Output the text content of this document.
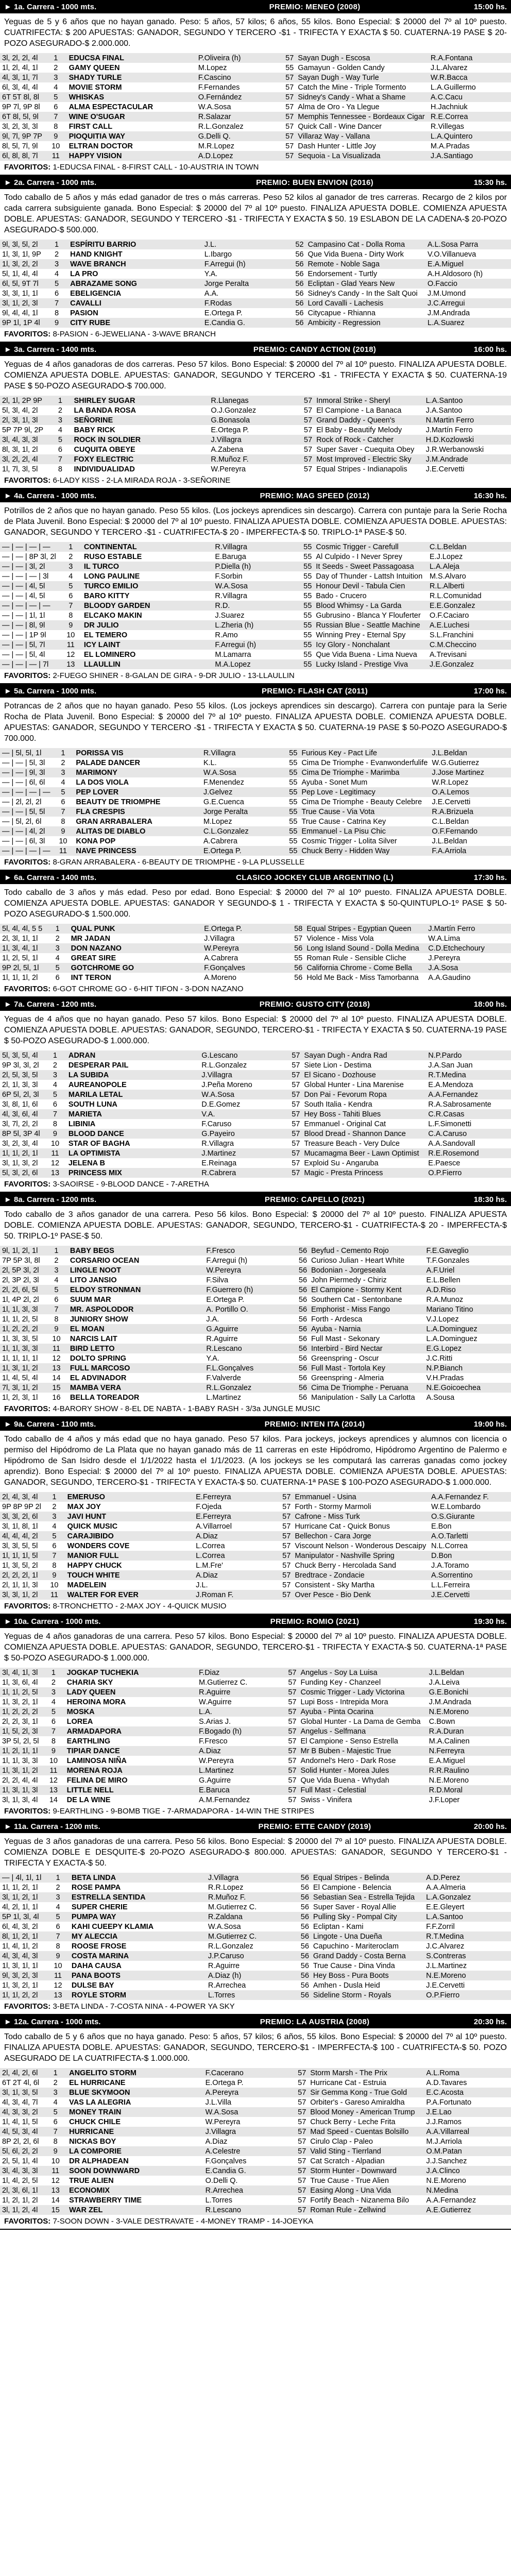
► 1a. Carrera - 1000 mts.	PREMIO: MENEO (2008)	15:00 hs.
Yeguas de 5 y 6 años que no hayan ganado. Peso: 5 años, 57 kilos; 6 años, 55 kilos. Bono Especial: $ 20000 del 7º al 10º puesto. CUATRIFECTA: $ 200 APUESTAS: GANADOR, SEGUNDO Y TERCERO -$1 - TRIFECTA Y EXACTA $ 50. CUATERNA-19 PASE $ 20-POZO ASEGURADO-$ 2.000.000.
3l, 2l, 2l, 4l	1	EDUCSA FINAL	P.Oliveira (h)	57	Sayan Dugh - Escosa	R.A.Fontana
1l, 2l, 4l, 1l	2	GAMY QUEEN	M.Lopez	55	Gamayun - Golden Candy	J.L.Alvarez
4l, 3l, 1l, 7l	3	SHADY TURLE	F.Cascino	57	Sayan Dugh - Way Turle	W.R.Bacca
6l, 3l, 4l, 4l	4	MOVIE STORM	F.Fernandes	57	Catch the Mine - Triple Tormento	L.A.Guillermo
6T 5T 8l, 8l	5	WHISKAS	O.Fernández	57	Sidney's Candy - What a Shame	A.C.Cacu
9P 7l, 9P 8l	6	ALMA ESPECTACULAR	W.A.Sosa	57	Alma de Oro - Ya Llegue	H.Jachniuk
6T 8l, 5l, 9l	7	WINE O'SUGAR	R.Salazar	57	Memphis Tennessee - Bordeaux Cigar	R.E.Correa
3l, 2l, 3l, 3l	8	FIRST CALL	R.L.Gonzalez	57	Quick Call - Wine Dancer	R.Villegas
9l, 7l, 9P 7P	9	PIOQUITIA WAY	G.Delli Q.	57	Villaraz Way - Vallana	L.A.Quintero
8l, 5l, 7l, 9l	10	ELTRAN DOCTOR	M.R.Lopez	57	Dash Hunter - Little Joy	M.A.Pradas
6l, 8l, 8l, 7l	11	HAPPY VISION	A.D.Lopez	57	Sequoia - La Visualizada	J.A.Santiago
FAVORITOS: 1-EDUCSA FINAL - 8-FIRST CALL - 10-AUSTRIA IN TOWN
► 2a. Carrera - 1000 mts.	PREMIO: BUEN ENVION (2016)	15:30 hs.
Todo caballo de 5 años y más edad ganador de tres o más carreras. Peso 52 kilos al ganador de tres carreras. Recargo de 2 kilos por cada carrera subsiguiente ganada. Bono Especial: $ 20000 del 7º al 10º puesto. FINALIZA APUESTA DOBLE. COMIENZA APUESTA DOBLE. APUESTAS: GANADOR, SEGUNDO Y TERCERO -$1 - TRIFECTA Y EXACTA $ 50. 19 ESLABON DE LA CADENA-$ 20-POZO ASEGURADO-$ 500.000.
9l, 3l, 5l, 2l	1	ESPÍRITU BARRIO	J.L.	52	Campasino Cat - Dolla Roma	A.L.Sosa Parra
1l, 3l, 1l, 9P	2	HAND KNIGHT	L.Ibargo	56	Que Vida Buena - Dirty Work	V.O.Villanueva
1l, 3l, 2l, 2l	3	WAVE BRANCH	F.Arregui (h)	56	Remote - Noble Saga	E.A.Miguel
5l, 1l, 4l, 4l	4	LA PRO	Y.A.	56	Endorsement - Turtly	A.H.Aldosoro (h)
6l, 5l, 9T 7l	5	ABRAZAME SONG	Jorge Peralta	56	Ecliptan - Glad Years New	O.Faccio
3l, 3l, 1l, 1l	6	EBELIGENCIA	A.A.	56	Sidney's Candy - In the Salt Quoi	J.M.Umond
3l, 1l, 2l, 3l	7	CAVALLI	F.Rodas	56	Lord Cavalli - Lachesis	J.C.Arregui
9l, 4l, 4l, 1l	8	PASION	E.Ortega P.	56	Citycapue - Rhianna	J.M.Andrada
9P 1l, 1P 4l	9	CITY RUBE	E.Candia G.	56	Ambicity - Regression	L.A.Suarez
FAVORITOS: 8-PASION - 6-JEWELIANA - 3-WAVE BRANCH
► 3a. Carrera - 1400 mts.	PREMIO: CANDY ACTION (2018)	16:00 hs.
Yeguas de 4 años ganadoras de dos carreras. Peso 57 kilos. Bono Especial: $ 20000 del 7º al 10º puesto. FINALIZA APUESTA DOBLE. COMIENZA APUESTA DOBLE. APUESTAS: GANADOR, SEGUNDO Y TERCERO -$1 - TRIFECTA Y EXACTA $ 50. CUATERNA-19 PASE $ 50-POZO ASEGURADO-$ 700.000.
2l, 1l, 2P 9P	1	SHIRLEY SUGAR	R.Llanegas	57	Inmoral Strike - Sheryl	L.A.Santoo
5l, 3l, 4l, 2l	2	LA BANDA ROSA	O.J.Gonzalez	57	El Campione - La Banaca	J.A.Santoo
2l, 3l, 1l, 3l	3	SEÑORINE	G.Bonasola	57	Grand Daddy - Queen's	N.Martin Ferro
5P 7P 9l, 2P	4	BABY RICK	E.Ortega P.	57	El Baby - Beautify Melody	J.Martín Ferro
3l, 4l, 3l, 3l	5	ROCK IN SOLDIER	J.Villagra	57	Rock of Rock - Catcher	H.D.Kozlowski
8l, 3l, 1l, 2l	6	CUQUITA OBEYE	A.Zabena	57	Super Saver - Cuequita Obey	J.R.Werbanowski
3l, 2l, 2l, 4l	7	FOXY ELECTRIC	R.Muñoz F.	57	Most Improved - Electric Sky	J.M.Andrade
1l, 7l, 3l, 5l	8	INDIVIDUALIDAD	W.Pereyra	57	Equal Stripes - Indianapolis	J.E.Cervetti
FAVORITOS: 6-LADY KISS - 2-LA MIRADA ROJA - 3-SEÑORINE
► 4a. Carrera - 1000 mts.	PREMIO: MAG SPEED (2012)	16:30 hs.
Potrillos de 2 años que no hayan ganado. Peso 55 kilos. (Los jockeys aprendices sin descargo). Carrera con puntaje para la Serie Rocha de Plata Juvenil. Bono Especial: $ 20000 del 7º al 10º puesto. FINALIZA APUESTA DOBLE. COMIENZA APUESTA DOBLE. APUESTAS: GANADOR, SEGUNDO Y TERCERO -$1 - CUATRIFECTA-$ 20 - IMPERFECTA-$ 50. TRIPLO-1ª PASE-$ 50.
— | — | — | —	1	CONTINENTAL	R.Villagra	55	Cosmic Trigger - Carefull	C.L.Beldan
— | — | 8P 3l, 2l	2	RUSO ESTABLE	E.Baruga	55	Al Culpido - I Never Sprey	E.J.Lopez
— | — | 3l, 2l	3	IL TURCO	P.Diella (h)	55	It Seeds - Sweet Passagoasa	L.A.Aleja
— | — | — | 3l	4	LONG PAULINE	F.Sorbin	55	Day of Thunder - Lattsh Intuition	M.S.Alvaro
— | — | 4l, 5l	5	TURCO EMILIO	W.A.Sosa	55	Honour Devil - Tabula Cien	R.L.Alberti
— | — | 4l, 5l	6	BARO KITTY	R.Villagra	55	Bado - Crucero	R.L.Comunidad
— | — | — | —	7	BLOODY GARDEN	R.D.	55	Blood Whimsy - La Garda	E.E.Gonzalez
— | — | 1l, 1l	8	ELCAKO MAKIN	J.Suarez	55	Gubrusino - Blanca Y Flouferter	O.F.Caciaro
— | — | 8l, 9l	9	DR JULIO	L.Zheria (h)	55	Russian Blue - Seattle Machine	A.E.Luchesi
— | — | 1P 9l	10	EL TEMERO	R.Amo	55	Winning Prey - Eternal Spy	S.L.Franchini
— | — | 5l, 7l	11	ICY LAINT	F.Arregui (h)	55	Icy Glory - Nonchalant	C.M.Checcino
— | — | 5l, 4l	12	EL LOMINERO	M.Lamarra	55	Que Vida Buena - Lima Nueva	A.Trevisani
— | — | — | 7l	13	LLAULLIN	M.A.Lopez	55	Lucky Island - Prestige Viva	J.E.Gonzalez
FAVORITOS: 2-FUEGO SHINER - 8-GALAN DE GIRA - 9-DR JULIO - 13-LLAULLIN
► 5a. Carrera - 1000 mts.	PREMIO: FLASH CAT (2011)	17:00 hs.
Potrancas de 2 años que no hayan ganado. Peso 55 kilos. (Los jockeys aprendices sin descargo). Carrera con puntaje para la Serie Rocha de Plata Juvenil. Bono Especial: $ 20000 del 7º al 10º puesto. FINALIZA APUESTA DOBLE. COMIENZA APUESTA DOBLE. APUESTAS: GANADOR, SEGUNDO Y TERCERO -$1 - TRIFECTA Y EXACTA $ 50. CUATERNA-19 PASE $ 50-POZO ASEGURADO-$ 700.000.
— | 5l, 5l, 1l	1	PORISSA VIS	R.Villagra	55	Furious Key - Pact Life	J.L.Beldan
— | — | 5l, 3l	2	PALADE DANCER	K.L.	55	Cima De Triomphe - Evanwonderfulife	W.G.Gutierrez
— | — | 9l, 3l	3	MARIMONY	W.A.Sosa	55	Cima De Triomphe - Marimba	J.Jose Martinez
— | — | 6l, 6l	4	LA DOS VIOLA	F.Menendez	55	Ayuba - Sonet Mum	W.R.Lopez
— | — | — | —	5	PEP LOVER	J.Gelvez	55	Pep Love - Legitimacy	O.A.Lemos
— | 2l, 2l, 2l	6	BEAUTY DE TRIOMPHE	G.E.Cuenca	55	Cima De Triomphe - Beauty Celebre	J.E.Cervetti
— | — | 5l, 5l	7	FLA CRESPIS	Jorge Peralta	55	True Cause - Via Vota	R.A.Brizuela
— | 5l, 2l, 6l	8	GRAN ARRABALERA	M.Lopez	55	True Cause - Catrina Key	C.L.Beldan
— | — | 4l, 2l	9	ALITAS DE DIABLO	C.L.Gonzalez	55	Emmanuel - La Pisu Chic	O.F.Fernando
— | — | 6l, 3l	10	KONA POP	A.Cabrera	55	Cosmic Trigger - Lolita Silver	J.L.Beldan
— | — | — | —	11	NAVE PRINCESS	E.Ortega P.	55	Chuck Berry - Hidden Way	F.A.Arriola
FAVORITOS: 8-GRAN ARRABALERA - 6-BEAUTY DE TRIOMPHE - 9-LA PLUSSELLE
► 6a. Carrera - 1400 mts.	CLASICO JOCKEY CLUB ARGENTINO (L)	17:30 hs.
Todo caballo de 3 años y más edad. Peso por edad. Bono Especial: $ 20000 del 7º al 10º puesto. FINALIZA APUESTA DOBLE. COMIENZA APUESTA DOBLE. APUESTAS: GANADOR Y SEGUNDO-$ 1 - TRIFECTA Y EXACTA $ 50-QUINTUPLO-1º PASE $ 50-POZO ASEGURADO-$ 1.500.000.
5l, 4l, 4l, 5 5	1	QUAL PUNK	E.Ortega P.	58	Equal Stripes - Egyptian Queen	J.Martín Ferro
2l, 3l, 1l, 1l	2	MR JADAN	J.Villagra	57	Violence - Miss Vola	W.A.Lima
1l, 3l, 4l, 1l	3	DON NAZANO	W.Pereyra	56	Long Island Sound - Dolla Medina	C.D.Etchechoury
1l, 2l, 5l, 1l	4	GREAT SIRE	A.Cabrera	55	Roman Rule - Sensible Cliche	J.Pereyra
9P 2l, 5l, 1l	5	GOTCHROME GO	F.Gonçalves	56	California Chrome - Come Bella	J.A.Sosa
1l, 1l, 1l, 2l	6	INT TERON	A.Moreno	56	Hold Me Back - Miss Tamorbanna	A.A.Gaudino
FAVORITOS: 6-GOT CHROME GO - 6-HIT TIFON - 3-DON NAZANO
► 7a. Carrera - 1200 mts.	PREMIO: GUSTO CITY (2018)	18:00 hs.
Yeguas de 4 años que no hayan ganado. Peso 57 kilos. Bono Especial: $ 20000 del 7º al 10º puesto. FINALIZA APUESTA DOBLE. COMIENZA APUESTA DOBLE. APUESTAS: GANADOR, SEGUNDO, TERCERO-$1 - TRIFECTA Y EXACTA $ 50. CUATERNA-19 PASE $ 50-POZO ASEGURADO-$ 1.000.000.
5l, 3l, 5l, 4l	1	ADRAN	G.Lescano	57	Sayan Dugh - Andra Rad	N.P.Pardo
9P 3l, 3l, 2l	2	DESPERAR PAIL	R.L.Gonzalez	57	Siete Lion - Destima	J.A.San Juan
2l, 5l, 3l, 5l	3	LA SUBIDA	J.Villagra	57	El Sicano - Dozhouse	R.T.Medina
2l, 1l, 3l, 3l	4	AUREANOPOLE	J.Peña Moreno	57	Global Hunter - Lina Marenise	E.A.Mendoza
6P 5l, 2l, 3l	5	MARILA LETAL	W.A.Sosa	57	Don Pai - Fevorum Ropa	A.A.Fernandez
3l, 8l, 1l, 6l	6	SOUTH LUNA	D.E.Gomez	57	South Italia - Kendra	R.A.Sabrosamente
4l, 3l, 6l, 4l	7	MARIETA	V.A.	57	Hey Boss - Tahiti Blues	C.R.Casas
3l, 7l, 2l, 2l	8	LIBINIA	F.Caruso	57	Emmanuel - Original Cat	L.F.Simonetti
8P 5l, 3P 4l	9	BLOOD DANCE	G.Payeiro	57	Blood Dread - Shannon Dance	C.A.Caruso
3l, 2l, 3l, 4l	10	STAR OF BAGHA	R.Villagra	57	Treasure Beach - Very Dulce	A.A.Sandovall
1l, 1l, 2l, 1l	11	LA OPTIMISTA	J.Martinez	57	Mucamagma Beer - Lawn Optimist	R.E.Rosemond
3l, 1l, 3l, 2l	12	JELENA B	E.Reinaga	57	Exploid Su - Angaruba	E.Paesce
5l, 3l, 2l, 6l	13	PRINCESS MIX	R.Cabrera	57	Magic - Presta Princess	O.P.Fierro
FAVORITOS: 3-SAOIRSE - 9-BLOOD DANCE - 7-ARETHA
► 8a. Carrera - 1200 mts.	PREMIO: CAPELLO (2021)	18:30 hs.
Todo caballo de 3 años ganador de una carrera. Peso 56 kilos. Bono Especial: $ 20000 del 7º al 10º puesto. FINALIZA APUESTA DOBLE. COMIENZA APUESTA DOBLE. APUESTAS: GANADOR, SEGUNDO, TERCERO-$1 - CUATRIFECTA-$ 20 - IMPERFECTA-$ 50. TRIPLO-1º PASE-$ 50.
9l, 1l, 2l, 1l	1	BABY BEGS	F.Fresco	56	Beyfud - Cemento Rojo	F.E.Gaveglio
7P 5P 3l, 8l	2	CORSARIO OCEAN	F.Arregui (h)	56	Curioso Julian - Heart White	T.F.Gonzales
2l, 5P 3l, 2l	3	LINGLE NOOT	W.Pereyra	56	Bodonian - Jorgeseala	A.F.Uriel
2l, 3P 2l, 3l	4	LITO JANSIO	F.Silva	56	John Piermedy - Chiriz	E.L.Bellen
2l, 2l, 6l, 5l	5	ELDOY STRONMAN	F.Guerrero (h)	56	El Campione - Stormy Kent	A.D.Riso
1l, 4P 2l, 2l	6	SUUM MAR	E.Ortega P.	56	Southern Cat - Sentonbane	R.A.Munoz
1l, 1l, 3l, 3l	7	MR. ASPOLODOR	A. Portillo O.	56	Emphorist - Miss Fango	Mariano Titino
1l, 1l, 2l, 5l	8	JUNIORY SHOW	J.A.	56	Forth - Ardesca	V.J.Lopez
1l, 2l, 2l, 2l	9	EL MOAN	G.Aguirre	56	Ayuba - Narnia	L.A.Dominguez
1l, 3l, 3l, 5l	10	NARCIS LAIT	R.Aguirre	56	Full Mast - Sekonary	L.A.Dominguez
1l, 1l, 3l, 3l	11	BIRD LETTO	R.Lescano	56	Interbird - Bird Nectar	E.G.Lopez
1l, 1l, 1l, 1l	12	DOLTO SPRING	Y.A.	56	Greenspring - Oscur	J.C.Ritti
1l, 3l, 1l, 2l	13	FULL MARCOSO	F.L.Gonçalves	56	Full Mast - Tortola Key	N.P.Bianch
1l, 4l, 5l, 4l	14	EL ADVINADOR	F.Valverde	56	Greenspring - Almeria	V.H.Pradas
7l, 3l, 1l, 2l	15	MAMBA VERA	R.L.Gonzalez	56	Cima De Triomphe - Peruana	N.E.Goicoechea
1l, 2l, 3l, 1l	16	BELLA TOREADOR	L.Martinez	56	Manipulation - Sally La Carlotta	A.Sousa
FAVORITOS: 4-BARORY SHOW - 8-EL DE NABTA - 1-BABY RASH - 3/3a JUNGLE MUSIC
► 9a. Carrera - 1100 mts.	PREMIO: INTEN ITA (2014)	19:00 hs.
Todo caballo de 4 años y más edad que no haya ganado. Peso 57 kilos. Para jockeys, jockeys aprendices y alumnos con licencia o permiso del Hipódromo de La Plata que no hayan ganado más de 11 carreras en este Hipódromo, Hipódromo Argentino de Palermo e Hipódromo de San Isidro desde el 1/1/2022 hasta el 1/1/2023. (A los jockeys se les computará las carreras ganadas como jockey aprendiz). Bono Especial: $ 20000 del 7º al 10º puesto. FINALIZA APUESTA DOBLE. COMIENZA APUESTA DOBLE. APUESTAS: GANADOR, SEGUNDO, TERCERO-$1 - TRIFECTA Y EXACTA-$ 50. CUATERNA-1ª PASE $ 100-POZO ASEGURADO-$ 1.000.000.
2l, 4l, 3l, 4l	1	EMERUSO	E.Ferreyra	57	Emmanuel - Usina	A.A.Fernandez F.
9P 8P 9P 2l	2	MAX JOY	F.Ojeda	57	Forth - Stormy Marmoli	W.E.Lombardo
3l, 3l, 2l, 6l	3	JAVI HUNT	E.Ferreyra	57	Cafrone - Miss Turk	O.S.Giurante
3l, 1l, 8l, 1l	4	QUICK MUSIC	A.Villarroel	57	Hurricane Cat - Quick Bonus	E.Bon
4l, 4l, 4l, 2l	5	CARAJIBIDO	A.Diaz	57	Bellechon - Cara Jorge	A.O.Tarletti
3l, 3l, 5l, 5l	6	WONDERS COVE	L.Correa	57	Viscount Nelson - Wonderous Descaipy	N.L.Correa
1l, 1l, 1l, 5l	7	MANIOR FULL	L.Correa	57	Manipulator - Nashville Spring	D.Bon
1l, 3l, 5l, 2l	8	HAPPY CHUCK	L.M.Fre'	57	Chuck Berry - Hercolada Sand	J.A.Toramo
2l, 2l, 2l, 1l	9	TOUCH WHITE	A.Diaz	57	Bredtrace - Zondacie	A.Sorrentino
2l, 1l, 1l, 3l	10	MADELEIN	J.L.	57	Consistent - Sky Martha	L.L.Ferreira
3l, 3l, 1l, 2l	11	WALTER FOR EVER	J.Roman F.	57	Over Pesce - Bio Denk	J.E.Cervetti
FAVORITOS: 8-TRONCHETTO - 2-MAX JOY - 4-QUICK MUSIO
► 10a. Carrera - 1000 mts.	PREMIO: ROMIO (2021)	19:30 hs.
Yeguas de 4 años ganadoras de una carrera. Peso 57 kilos. Bono Especial: $ 20000 del 7º al 10º puesto. FINALIZA APUESTA DOBLE. COMIENZA APUESTA DOBLE. APUESTAS: GANADOR, SEGUNDO, TERCERO-$1 - TRIFECTA Y EXACTA-$ 50. CUATERNA-1ª PASE $ 50-POZO ASEGURADO-$ 1.000.000.
3l, 4l, 1l, 3l	1	JOGKAP TUCHEKIA	F.Diaz	57	Angelus - Soy La Luisa	J.L.Beldan
1l, 3l, 6l, 4l	2	CHARIA SKY	M.Gutierrez C.	57	Funding Key - Chanzeel	J.A.Leiva
1l, 1l, 2l, 5l	3	LADY QUEEN	R.Aguirre	57	Cosmic Trigger - Lady Victorina	G.E.Bonichi
1l, 3l, 2l, 1l	4	HEROINA MORA	W.Aguirre	57	Lupi Boss - Intrepida Mora	J.M.Andrada
1l, 2l, 2l, 2l	5	MOSKA	L.A.	57	Ayuba - Pinta Ocarina	N.E.Moreno
2l, 2l, 3l, 1l	6	LOREA	S.Arias J.	57	Global Hunter - La Dama de Gemba	C.Bown
1l, 5l, 2l, 3l	7	ARMADAPORA	F.Bogado (h)	57	Angelus - Selfmana	R.A.Duran
3P 5l, 2l, 5l	8	EARTHLING	F.Fresco	57	El Campione - Senso Estrella	M.A.Calinen
1l, 2l, 1l, 1l	9	TIPIAR DANCE	A.Diaz	57	Mr B Buben - Majestic True	N.Ferreyra
1l, 1l, 3l, 3l	10	LAMINOSA NIÑA	W.Pereyra	57	Andornel's Hero - Dark Rose	E.A.Miguel
1l, 3l, 1l, 2l	11	MORENA ROJA	L.Martinez	57	Solid Hunter - Morea Jules	R.R.Raulino
2l, 2l, 4l, 4l	12	FELINA DE MIRO	G.Aguirre	57	Que Vida Buena - Whydah	N.E.Moreno
1l, 3l, 1l, 3l	13	LITTLE NELL	E.Baruca	57	Full Mast - Celestial	R.D.Moral
3l, 1l, 3l, 4l	14	DE LA WINE	A.M.Fernandez	57	Swiss - Vinifera	J.F.Loper
FAVORITOS: 9-EARTHLING - 9-BOMB TIGE - 7-ARMADAPORA - 14-WIN THE STRIPES
► 11a. Carrera - 1200 mts.	PREMIO: ETTE CANDY (2019)	20:00 hs.
Yeguas de 3 años ganadoras de una carrera. Peso 56 kilos. Bono Especial: $ 20000 del 7º al 10º puesto. FINALIZA APUESTA DOBLE. COMIENZA DOBLE E DESQUITE-$ 20-POZO ASEGURADO-$ 800.000. APUESTAS: GANADOR, SEGUNDO Y TERCERO-$1 - TRIFECTA Y EXACTA-$ 50.
— | 4l, 1l, 1l	1	BETA LINDA	J.Villagra	56	Equal Stripes - Belinda	A.D.Perez
1l, 1l, 2l, 1l	2	ROSE PAMPA	R.R.Lopez	56	El Campione - Belencia	A.A.Almeria
3l, 1l, 2l, 1l	3	ESTRELLA SENTIDA	R.Muñoz F.	56	Sebastian Sea - Estrella Tejida	L.A.Gonzalez
4l, 2l, 1l, 1l	4	SUPER CHERIE	M.Gutierrez C.	56	Super Saver - Royal Allie	E.E.Gleyert
5P 1l, 3l, 4l	5	PUMPA WAY	R.Zaldana	56	Pulling Sky - Pompal City	L.A.Santoo
6l, 4l, 3l, 2l	6	KAHI CUEEPY KLAMIA	W.A.Sosa	56	Ecliptan - Kami	F.F.Zorril
8l, 1l, 2l, 1l	7	MY ALECCIA	M.Gutierrez C.	56	Lingote - Una Dueña	R.T.Medina
1l, 4l, 1l, 2l	8	ROOSE FROSE	R.L.Gonzalez	56	Capuchino - Mariteroclam	J.C.Alvarez
4l, 3l, 4l, 3l	9	COSTA MARINA	J.P.Caruso	56	Grand Daddy - Costa Berna	S.Contreras
1l, 3l, 1l, 1l	10	DAHA CAUSA	R.Aguirre	56	True Cause - Dina Vinda	J.L.Martinez
9l, 3l, 2l, 3l	11	PANA BOOTS	A.Diaz (h)	56	Hey Boss - Pura Boots	N.E.Moreno
1l, 3l, 2l, 1l	12	DULSE BAY	R.Arrechea	56	Amhen - Dusla Heid	J.E.Cervetti
1l, 1l, 2l, 2l	13	ROYLE STORM	L.Torres	56	Sideline Storm - Royals	O.P.Fierro
FAVORITOS: 3-BETA LINDA - 7-COSTA NINA - 4-POWER YA SKY
► 12a. Carrera - 1000 mts.	PREMIO: LA AUSTRIA (2008)	20:30 hs.
Todo caballo de 5 y 6 años que no haya ganado. Peso: 5 años, 57 kilos; 6 años, 55 kilos. Bono Especial: $ 20000 del 7º al 10º puesto. FINALIZA APUESTA DOBLE. APUESTAS: GANADOR, SEGUNDO, TERCERO-$1 - IMPERFECTA-$ 100 - CUATRIFECTA-$ 50. POZO ASEGURADO DE LA CUATRIFECTA-$ 1.000.000.
2l, 4l, 2l, 6l	1	ANGELITO STORM	F.Cacerano	57	Storm Marsh - The Prix	A.L.Roma
6T 2T 4l, 6l	2	EL HURRICANE	E.Ortega P.	57	Hurricane Cat - Estruia	A.D.Tavares
3l, 1l, 3l, 5l	3	BLUE SKYMOON	A.Pereyra	57	Sir Gemma Kong - True Gold	E.C.Acosta
4l, 3l, 4l, 7l	4	VAS LA ALEGRIA	J.L.Villa	57	Orbiter's - Gareso Amiraldha	P.A.Fortunato
4l, 3l, 3l, 2l	5	MONEY TRAIN	W.A.Sosa	57	Blood Money - American Trump	J.E.Lao
1l, 4l, 1l, 5l	6	CHUCK CHILE	W.Pereyra	57	Chuck Berry - Leche Frita	J.J.Ramos
4l, 5l, 3l, 4l	7	HURRICANE	J.Villagra	57	Mad Speed - Cuentas Bolsillo	A.A.Villarreal
8P 2l, 2l, 6l	8	NICKAS BOY	A.Diaz	57	Cirulo Clap - Paleo	M.J.Arriola
5l, 6l, 2l, 2l	9	LA COMPORIE	A.Celestre	57	Valid Sting - Tierrland	O.M.Patan
2l, 5l, 1l, 4l	10	DR ALPHADEAN	F.Gonçalves	57	Cat Scratch - Alpadian	J.J.Sanchez
3l, 4l, 3l, 3l	11	SOON DOWNWARD	E.Candia G.	57	Storm Hunter - Downward	J.A.Clinco
1l, 4l, 2l, 5l	12	TRUE ALIEN	O.Delli Q.	57	True Cause - True Alien	N.E.Moreno
2l, 3l, 6l, 1l	13	ECONOMIX	R.Arrechea	57	Easing Along - Una Vida	N.Medina
1l, 2l, 1l, 2l	14	STRAWBERRY TIME	L.Torres	57	Fortify Beach - Nizanema Bilo	A.A.Fernandez
3l, 1l, 2l, 4l	15	WAR ZEL	R.Lescano	57	Roman Rule - Zellwind	A.E.Gutierrez
FAVORITOS: 7-SOON DOWN - 3-VALE DESTRAVATE - 4-MONEY TRAMP - 14-JOEYKA
